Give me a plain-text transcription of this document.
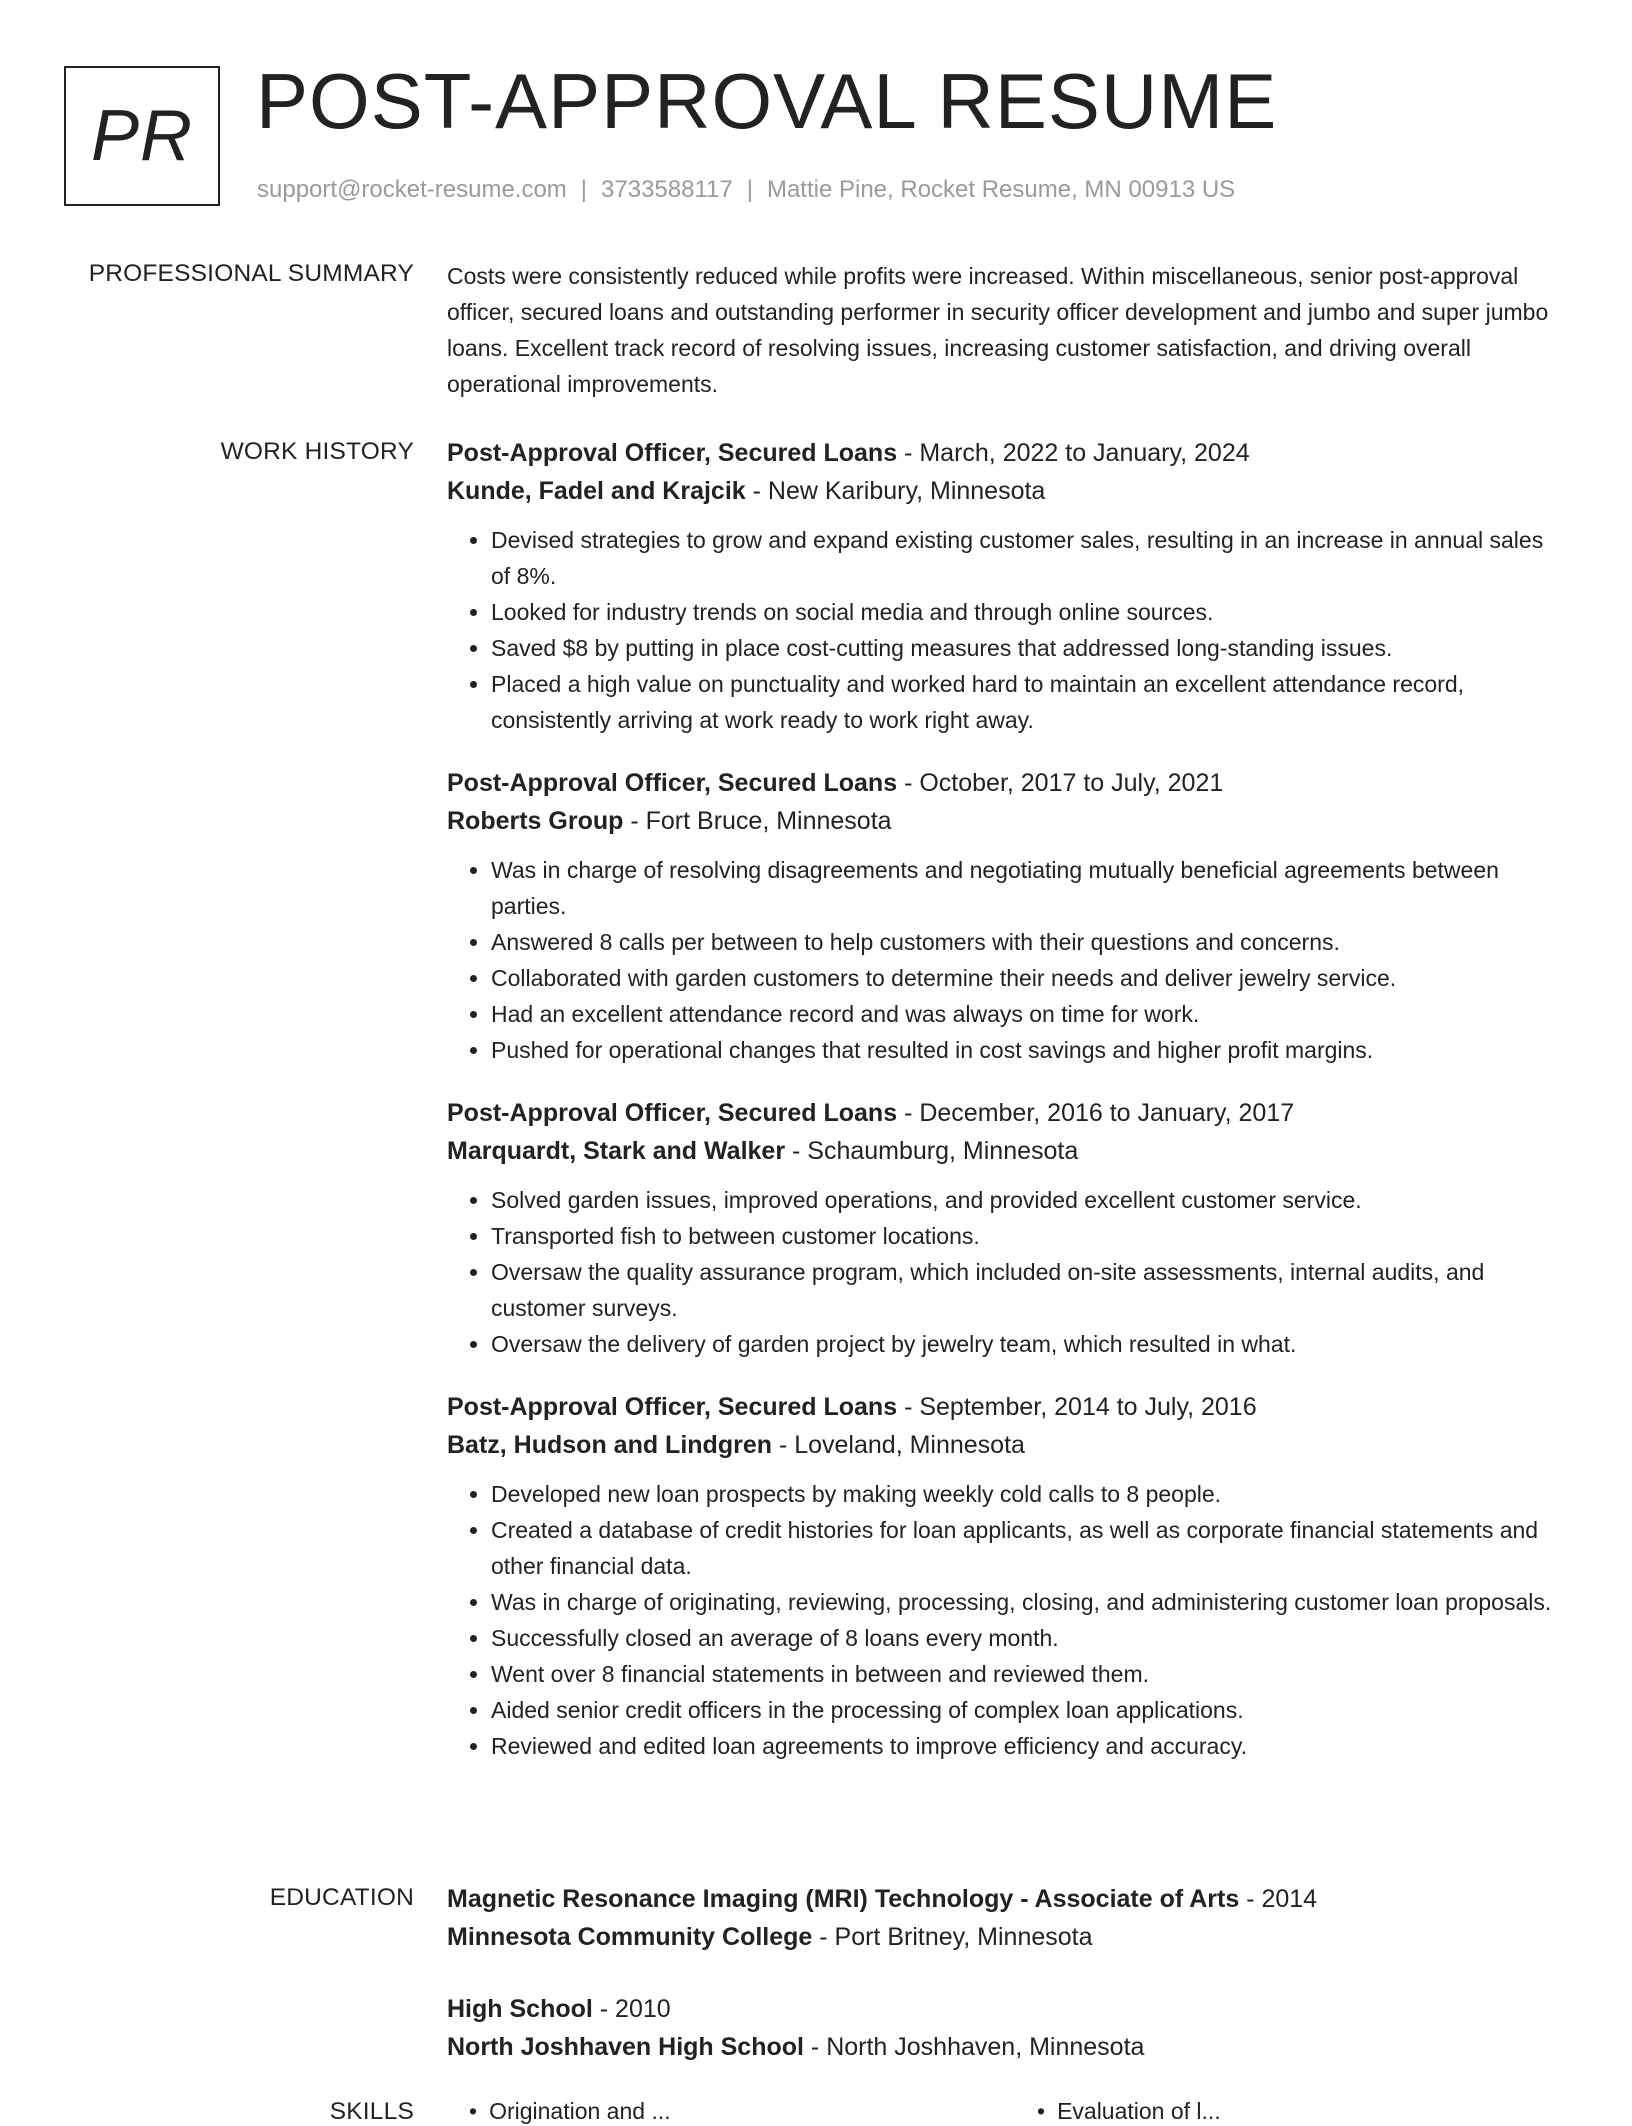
PR POST-APPROVAL RESUME
support@rocket-resume.com | 3733588117 | Mattie Pine, Rocket Resume, MN 00913 US
PROFESSIONAL SUMMARY Costs were consistently reduced while profits were increased. Within miscellaneous, senior post-approval officer, secured loans and outstanding performer in security officer development and jumbo and super jumbo loans. Excellent track record of resolving issues, increasing customer satisfaction, and driving overall operational improvements.

WORK HISTORY Post-Approval Officer, Secured Loans - March, 2022 to January, 2024
Kunde, Fadel and Krajcik - New Karibury, Minnesota
• Devised strategies to grow and expand existing customer sales, resulting in an increase in annual sales of 8%.
• Looked for industry trends on social media and through online sources.
• Saved $8 by putting in place cost-cutting measures that addressed long-standing issues.
• Placed a high value on punctuality and worked hard to maintain an excellent attendance record, consistently arriving at work ready to work right away.
Post-Approval Officer, Secured Loans - October, 2017 to July, 2021
Roberts Group - Fort Bruce, Minnesota
• Was in charge of resolving disagreements and negotiating mutually beneficial agreements between parties.
• Answered 8 calls per between to help customers with their questions and concerns.
• Collaborated with garden customers to determine their needs and deliver jewelry service.
• Had an excellent attendance record and was always on time for work.
• Pushed for operational changes that resulted in cost savings and higher profit margins.
Post-Approval Officer, Secured Loans - December, 2016 to January, 2017
Marquardt, Stark and Walker - Schaumburg, Minnesota
• Solved garden issues, improved operations, and provided excellent customer service.
• Transported fish to between customer locations.
• Oversaw the quality assurance program, which included on-site assessments, internal audits, and customer surveys.
• Oversaw the delivery of garden project by jewelry team, which resulted in what.
Post-Approval Officer, Secured Loans - September, 2014 to July, 2016
Batz, Hudson and Lindgren - Loveland, Minnesota
• Developed new loan prospects by making weekly cold calls to 8 people.
• Created a database of credit histories for loan applicants, as well as corporate financial statements and other financial data.
• Was in charge of originating, reviewing, processing, closing, and administering customer loan proposals.
• Successfully closed an average of 8 loans every month.
• Went over 8 financial statements in between and reviewed them.
• Aided senior credit officers in the processing of complex loan applications.
• Reviewed and edited loan agreements to improve efficiency and accuracy.
EDUCATION Magnetic Resonance Imaging (MRI) Technology - Associate of Arts - 2014
Minnesota Community College - Port Britney, Minnesota
High School - 2010
North Joshhaven High School - North Joshhaven, Minnesota
SKILLS • Origination and ...	• Evaluation of l...
